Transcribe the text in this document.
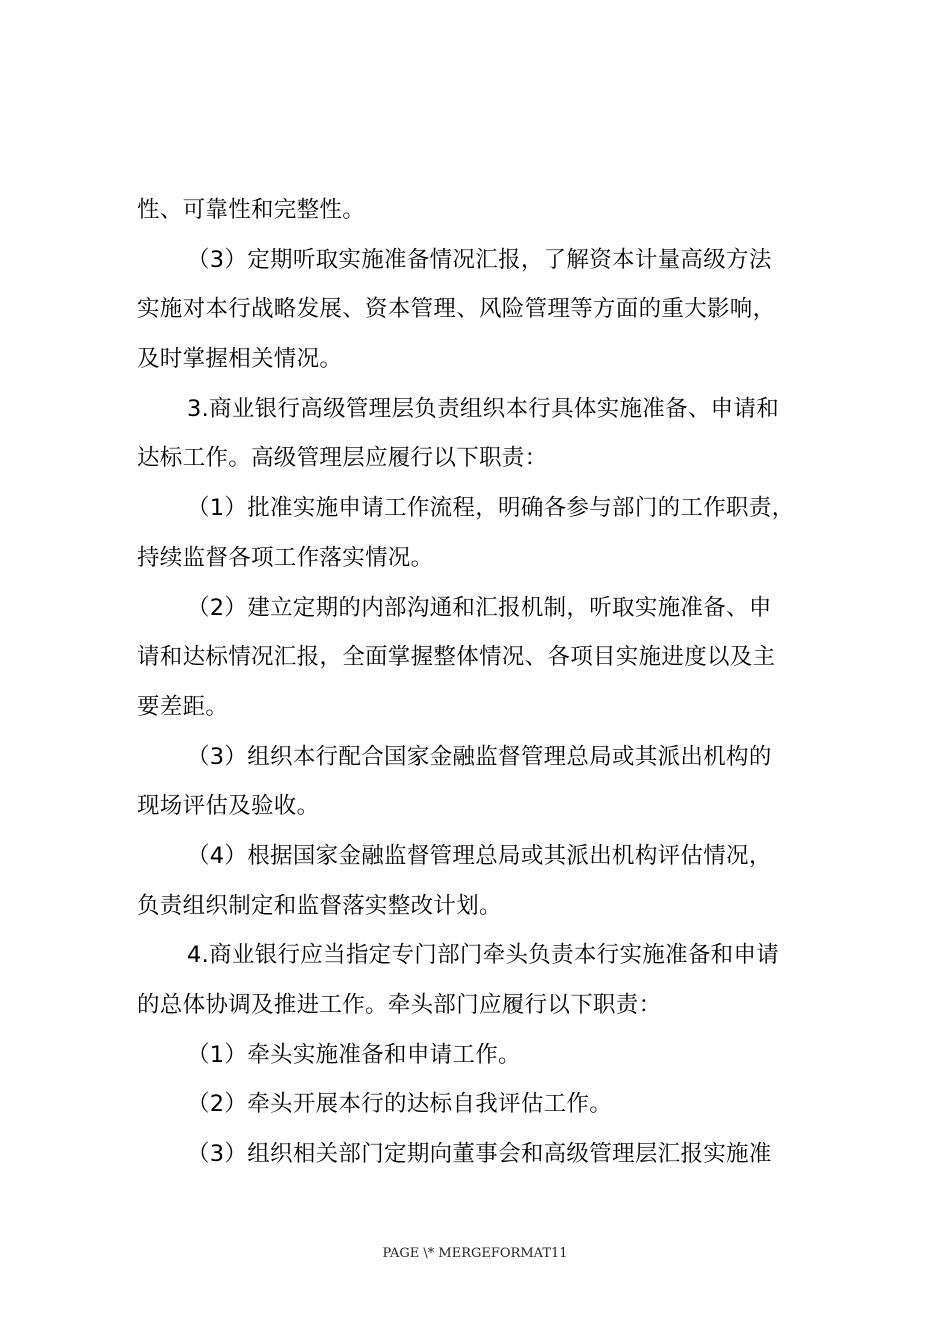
性、可靠性和完整性。
（3）定期听取实施准备情况汇报，了解资本计量高级方法
实施对本行战略发展、资本管理、风险管理等方面的重大影响，
及时掌握相关情况。
3.商业银行高级管理层负责组织本行具体实施准备、申请和
达标工作。高级管理层应履行以下职责：
（1）批准实施申请工作流程，明确各参与部门的工作职责，
持续监督各项工作落实情况。
（2）建立定期的内部沟通和汇报机制，听取实施准备、申
请和达标情况汇报，全面掌握整体情况、各项目实施进度以及主
要差距。
（3）组织本行配合国家金融监督管理总局或其派出机构的
现场评估及验收。
（4）根据国家金融监督管理总局或其派出机构评估情况，
负责组织制定和监督落实整改计划。
4.商业银行应当指定专门部门牵头负责本行实施准备和申请
的总体协调及推进工作。牵头部门应履行以下职责：
（1）牵头实施准备和申请工作。
（2）牵头开展本行的达标自我评估工作。
（3）组织相关部门定期向董事会和高级管理层汇报实施准
PAGE \* MERGEFORMAT11
